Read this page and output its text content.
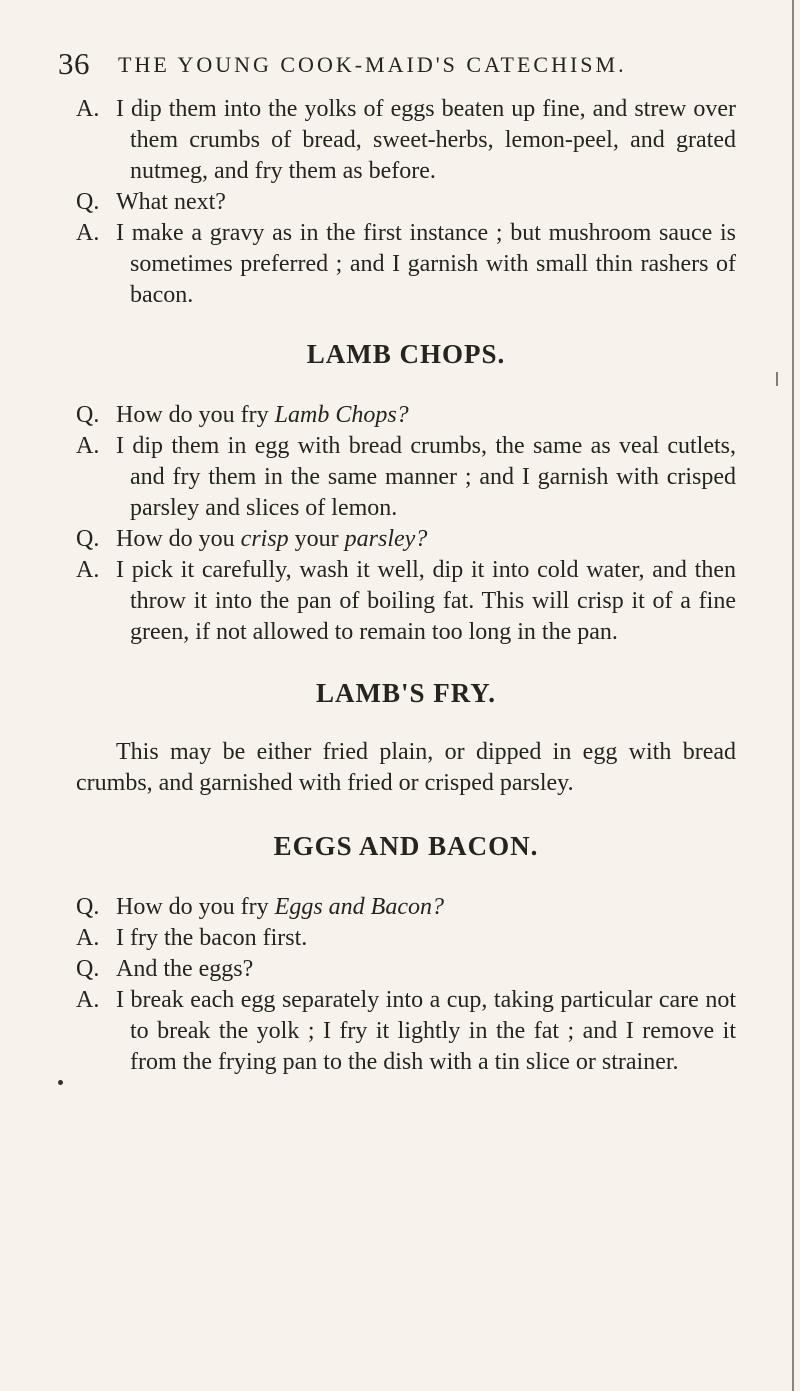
36 THE YOUNG COOK-MAID'S CATECHISM.

A. I dip them into the yolks of eggs beaten up fine, and strew over them crumbs of bread, sweet-herbs, lemon-peel, and grated nutmeg, and fry them as before.

Q. What next?

A. I make a gravy as in the first instance ; but mushroom sauce is sometimes preferred ; and I garnish with small thin rashers of bacon.

LAMB CHOPS.

Q. How do you fry Lamb Chops?

A. I dip them in egg with bread crumbs, the same as veal cutlets, and fry them in the same manner ; and I garnish with crisped parsley and slices of lemon.

Q. How do you crisp your parsley?

A. I pick it carefully, wash it well, dip it into cold water, and then throw it into the pan of boiling fat. This will crisp it of a fine green, if not allowed to remain too long in the pan.

LAMB'S FRY.

This may be either fried plain, or dipped in egg with bread crumbs, and garnished with fried or crisped parsley.

EGGS AND BACON.

Q. How do you fry Eggs and Bacon?

A. I fry the bacon first.

Q. And the eggs?

A. I break each egg separately into a cup, taking particular care not to break the yolk ; I fry it lightly in the fat ; and I remove it from the frying pan to the dish with a tin slice or strainer.
